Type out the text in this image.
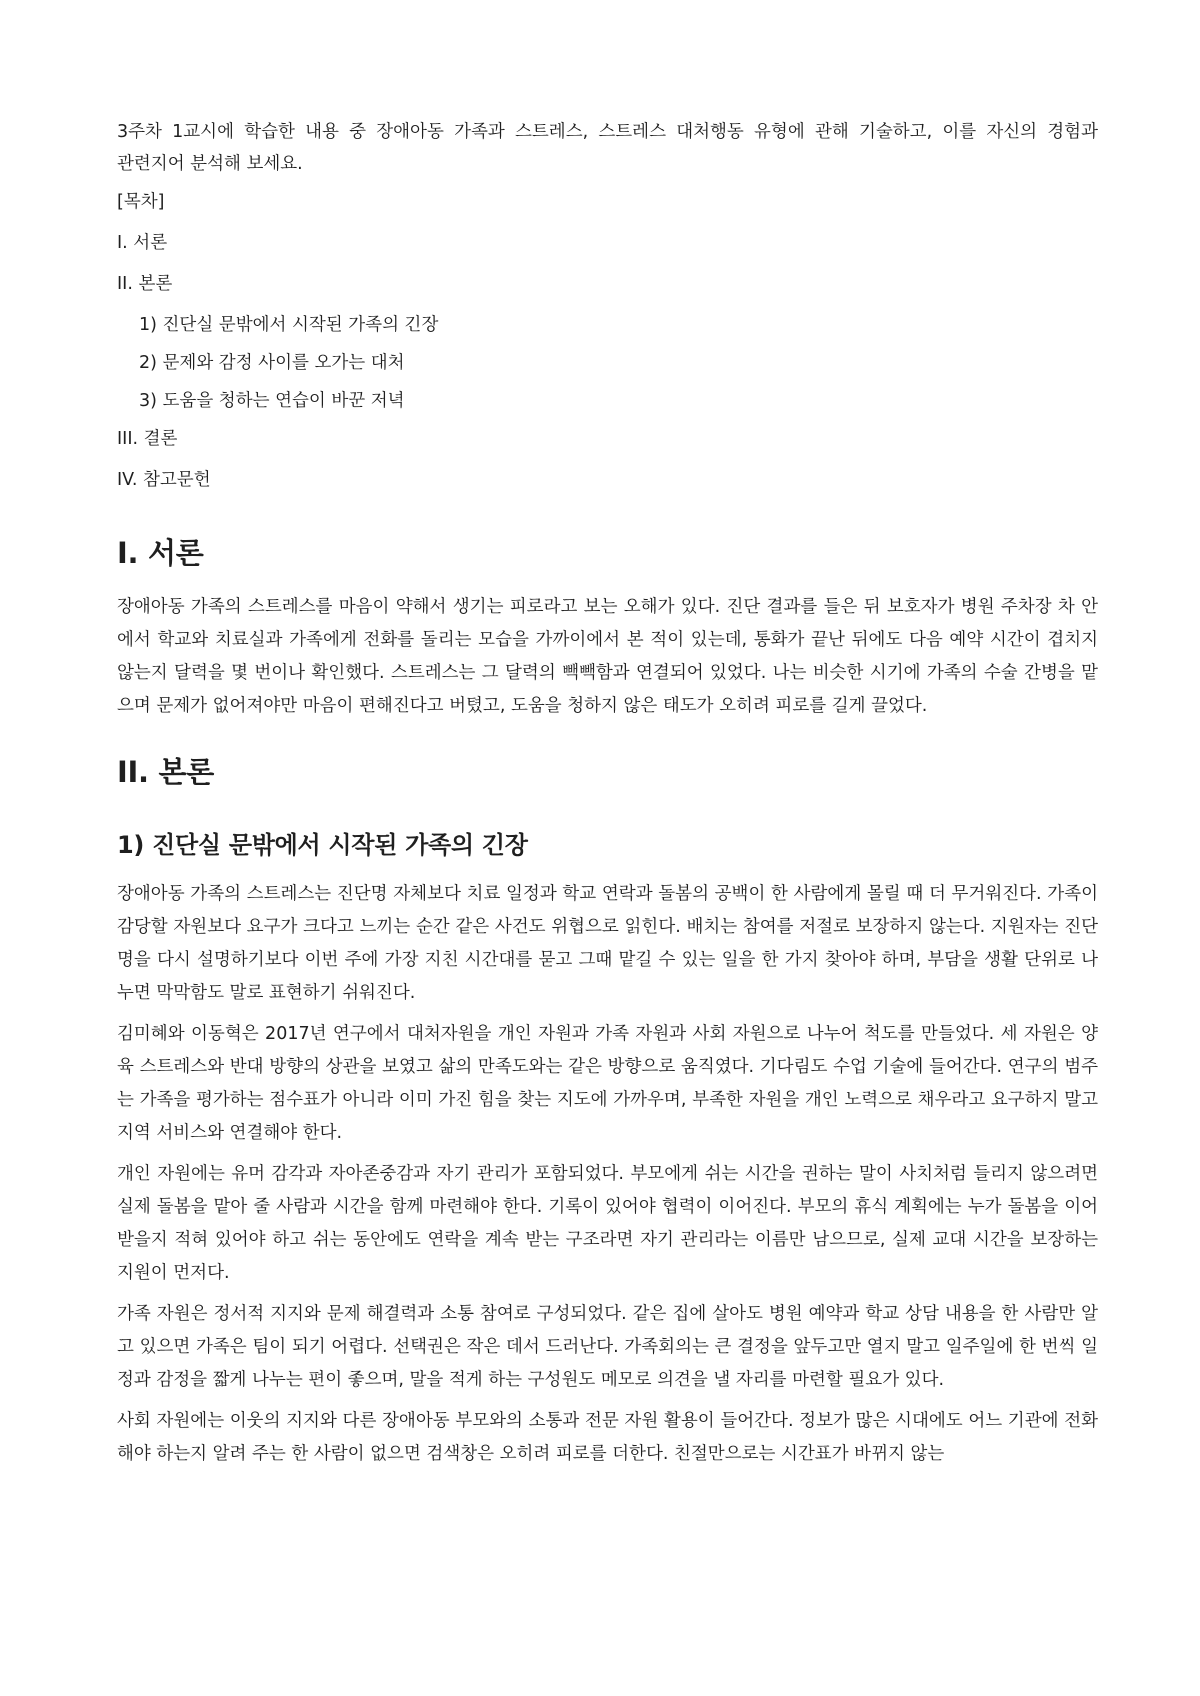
3주차 1교시에 학습한 내용 중 장애아동 가족과 스트레스, 스트레스 대처행동 유형에 관해 기술하고, 이를 자신의 경험과 관련지어 분석해 보세요.

[목차]

I. 서론

II. 본론

1) 진단실 문밖에서 시작된 가족의 긴장

2) 문제와 감정 사이를 오가는 대처

3) 도움을 청하는 연습이 바꾼 저녁

III. 결론

IV. 참고문헌

I. 서론

장애아동 가족의 스트레스를 마음이 약해서 생기는 피로라고 보는 오해가 있다. 진단 결과를 들은 뒤 보호자가 병원 주차장 차 안에서 학교와 치료실과 가족에게 전화를 돌리는 모습을 가까이에서 본 적이 있는데, 통화가 끝난 뒤에도 다음 예약 시간이 겹치지 않는지 달력을 몇 번이나 확인했다. 스트레스는 그 달력의 빽빽함과 연결되어 있었다. 나는 비슷한 시기에 가족의 수술 간병을 맡으며 문제가 없어져야만 마음이 편해진다고 버텼고, 도움을 청하지 않은 태도가 오히려 피로를 길게 끌었다.

II. 본론
1) 진단실 문밖에서 시작된 가족의 긴장

장애아동 가족의 스트레스는 진단명 자체보다 치료 일정과 학교 연락과 돌봄의 공백이 한 사람에게 몰릴 때 더 무거워진다. 가족이 감당할 자원보다 요구가 크다고 느끼는 순간 같은 사건도 위협으로 읽힌다. 배치는 참여를 저절로 보장하지 않는다. 지원자는 진단명을 다시 설명하기보다 이번 주에 가장 지친 시간대를 묻고 그때 맡길 수 있는 일을 한 가지 찾아야 하며, 부담을 생활 단위로 나누면 막막함도 말로 표현하기 쉬워진다.

김미혜와 이동혁은 2017년 연구에서 대처자원을 개인 자원과 가족 자원과 사회 자원으로 나누어 척도를 만들었다. 세 자원은 양육 스트레스와 반대 방향의 상관을 보였고 삶의 만족도와는 같은 방향으로 움직였다. 기다림도 수업 기술에 들어간다. 연구의 범주는 가족을 평가하는 점수표가 아니라 이미 가진 힘을 찾는 지도에 가까우며, 부족한 자원을 개인 노력으로 채우라고 요구하지 말고 지역 서비스와 연결해야 한다.

개인 자원에는 유머 감각과 자아존중감과 자기 관리가 포함되었다. 부모에게 쉬는 시간을 권하는 말이 사치처럼 들리지 않으려면 실제 돌봄을 맡아 줄 사람과 시간을 함께 마련해야 한다. 기록이 있어야 협력이 이어진다. 부모의 휴식 계획에는 누가 돌봄을 이어 받을지 적혀 있어야 하고 쉬는 동안에도 연락을 계속 받는 구조라면 자기 관리라는 이름만 남으므로, 실제 교대 시간을 보장하는 지원이 먼저다.

가족 자원은 정서적 지지와 문제 해결력과 소통 참여로 구성되었다. 같은 집에 살아도 병원 예약과 학교 상담 내용을 한 사람만 알고 있으면 가족은 팀이 되기 어렵다. 선택권은 작은 데서 드러난다. 가족회의는 큰 결정을 앞두고만 열지 말고 일주일에 한 번씩 일정과 감정을 짧게 나누는 편이 좋으며, 말을 적게 하는 구성원도 메모로 의견을 낼 자리를 마련할 필요가 있다.

사회 자원에는 이웃의 지지와 다른 장애아동 부모와의 소통과 전문 자원 활용이 들어간다. 정보가 많은 시대에도 어느 기관에 전화해야 하는지 알려 주는 한 사람이 없으면 검색창은 오히려 피로를 더한다. 친절만으로는 시간표가 바뀌지 않는
